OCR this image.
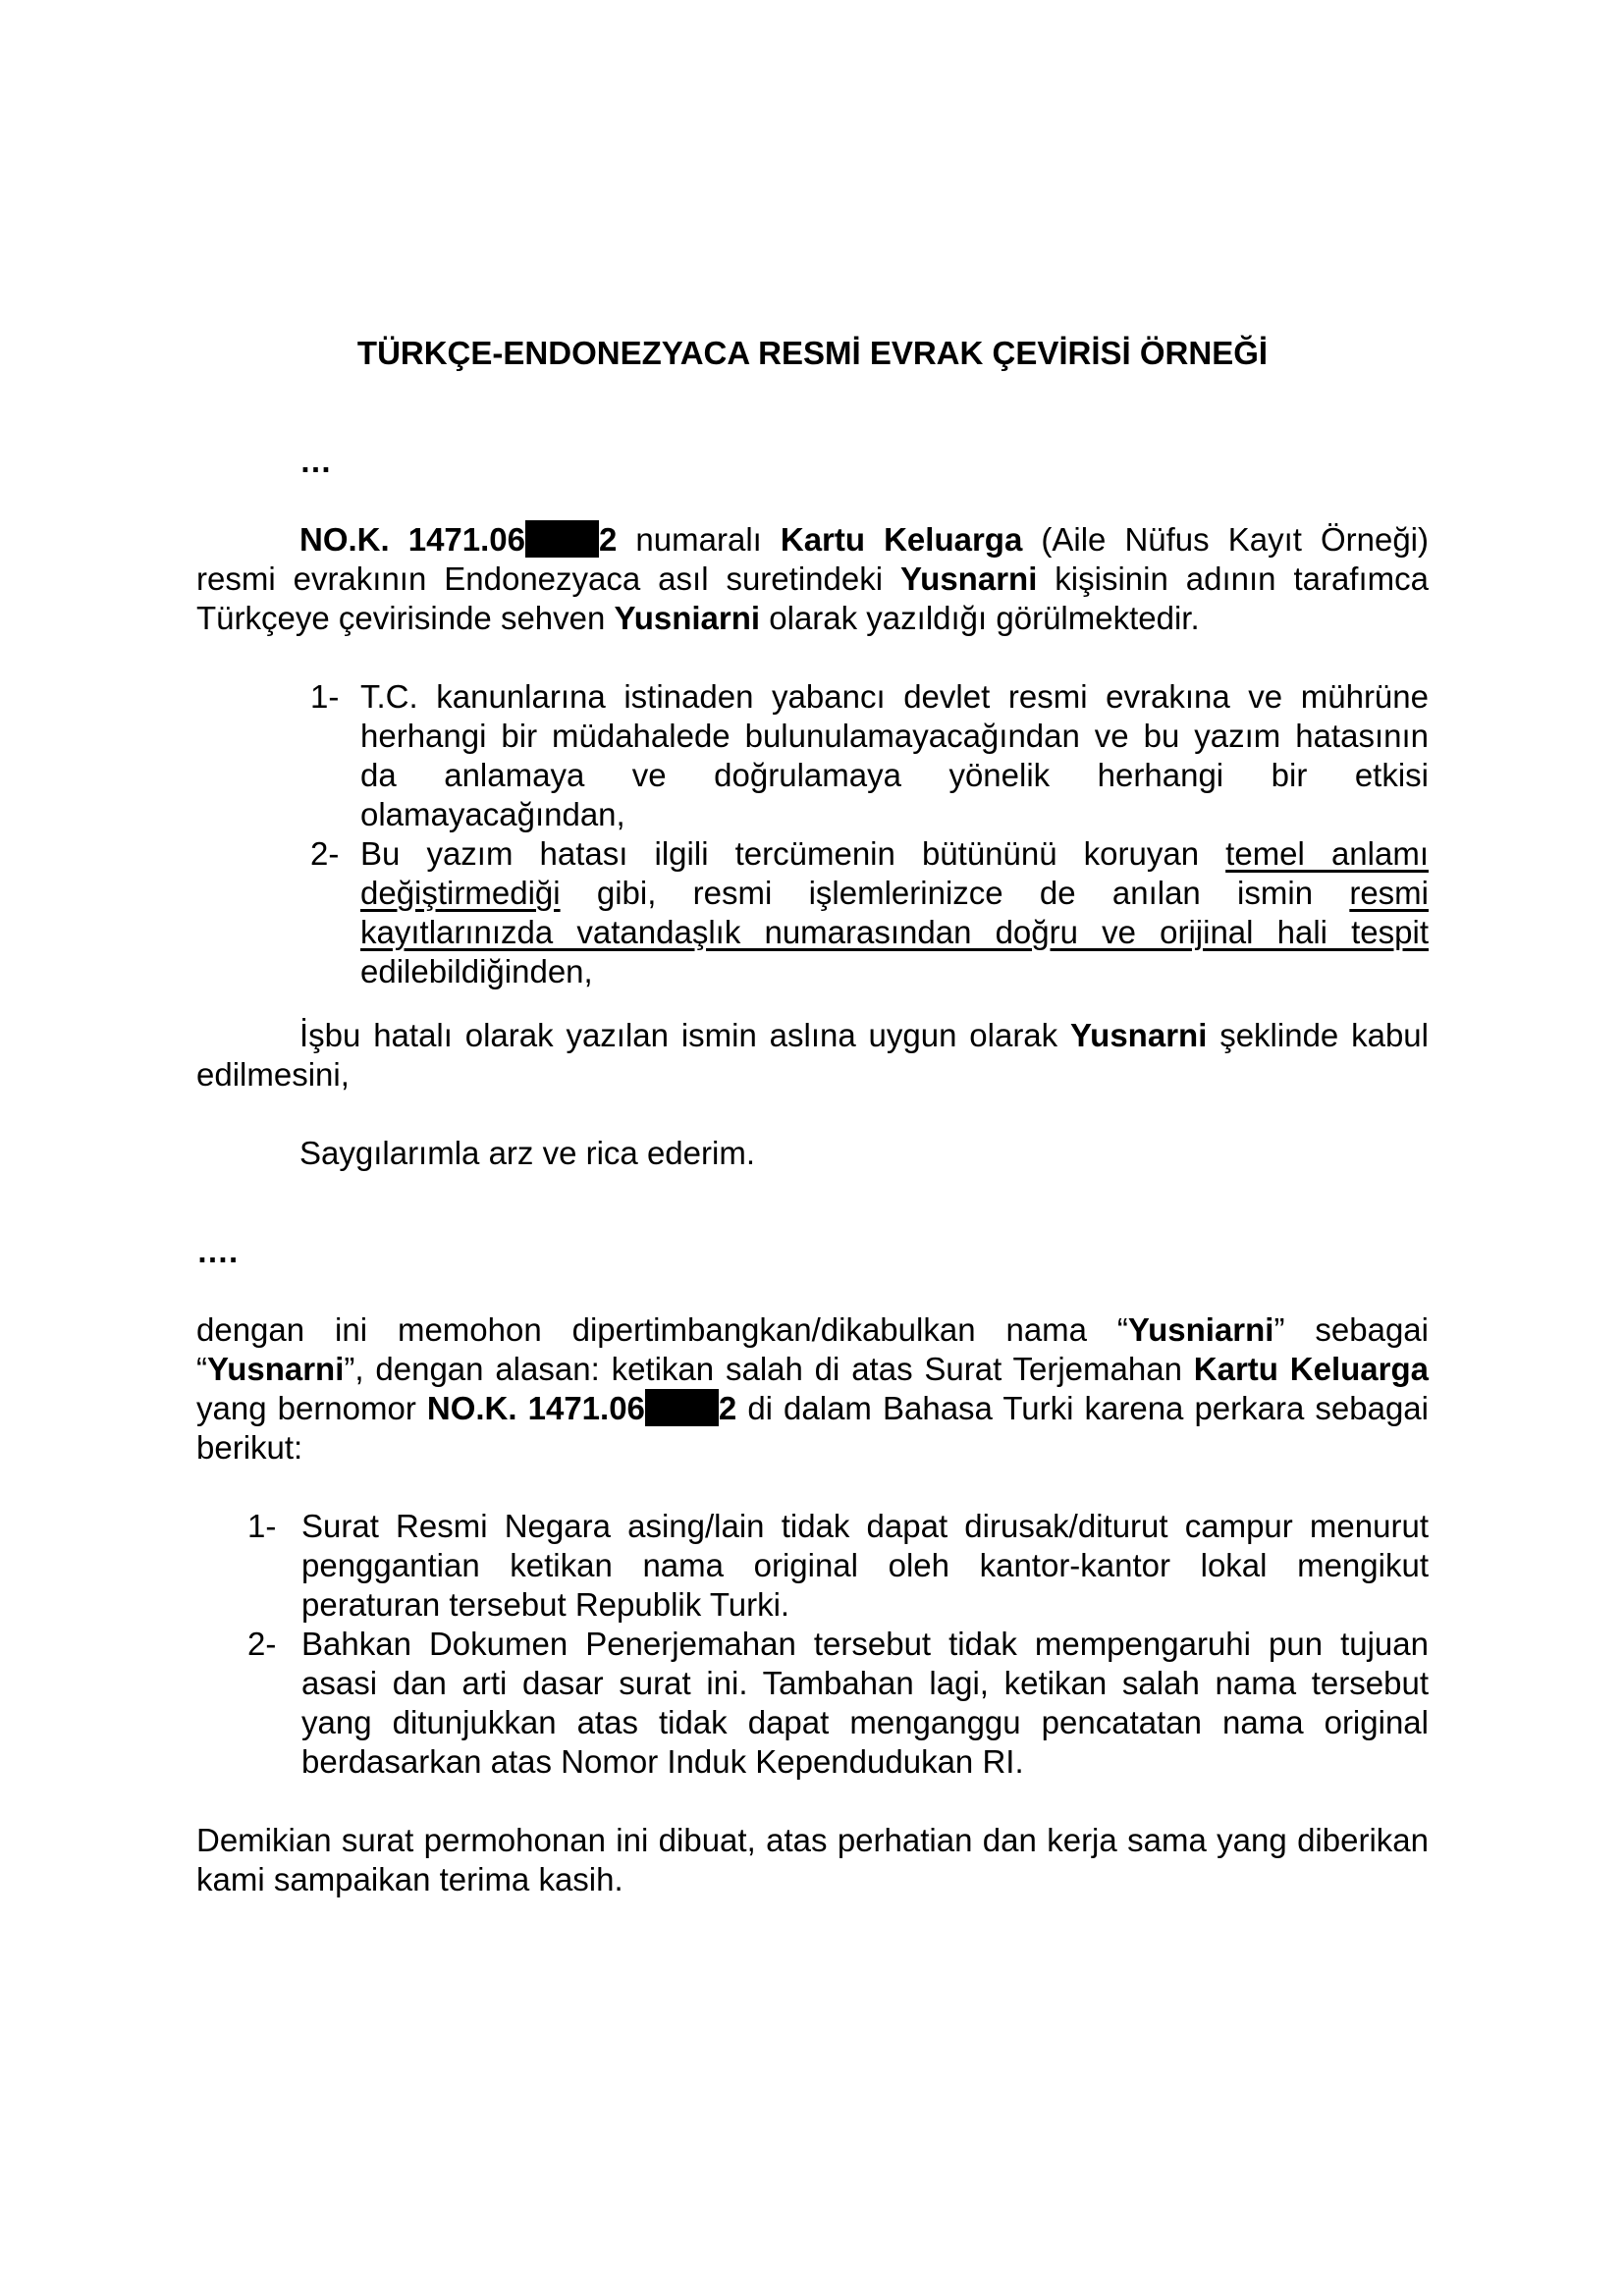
TÜRKÇE-ENDONEZYACA RESMİ EVRAK ÇEVİRİSİ ÖRNEĞİ

…

NO.K. 1471.06 2 numaralı Kartu Keluarga (Aile Nüfus Kayıt Örneği) resmi evrakının Endonezyaca asıl suretindeki Yusnarni kişisinin adının tarafımca Türkçeye çevirisinde sehven Yusniarni olarak yazıldığı görülmektedir.

1- T.C. kanunlarına istinaden yabancı devlet resmi evrakına ve mührüne herhangi bir müdahalede bulunulamayacağından ve bu yazım hatasının da anlamaya ve doğrulamaya yönelik herhangi bir etkisi olamayacağından,
2- Bu yazım hatası ilgili tercümenin bütününü koruyan temel anlamı değiştirmediği gibi, resmi işlemlerinizce de anılan ismin resmi kayıtlarınızda vatandaşlık numarasından doğru ve orijinal hali tespit edilebildiğinden,

İşbu hatalı olarak yazılan ismin aslına uygun olarak Yusnarni şeklinde kabul edilmesini,

Saygılarımla arz ve rica ederim.

….

dengan ini memohon dipertimbangkan/dikabulkan nama “Yusniarni” sebagai “Yusnarni”, dengan alasan: ketikan salah di atas Surat Terjemahan Kartu Keluarga yang bernomor NO.K. 1471.06 2 di dalam Bahasa Turki karena perkara sebagai berikut:

1- Surat Resmi Negara asing/lain tidak dapat dirusak/diturut campur menurut penggantian ketikan nama original oleh kantor-kantor lokal mengikut peraturan tersebut Republik Turki.
2- Bahkan Dokumen Penerjemahan tersebut tidak mempengaruhi pun tujuan asasi dan arti dasar surat ini. Tambahan lagi, ketikan salah nama tersebut yang ditunjukkan atas tidak dapat menganggu pencatatan nama original berdasarkan atas Nomor Induk Kependudukan RI.

Demikian surat permohonan ini dibuat, atas perhatian dan kerja sama yang diberikan kami sampaikan terima kasih.
